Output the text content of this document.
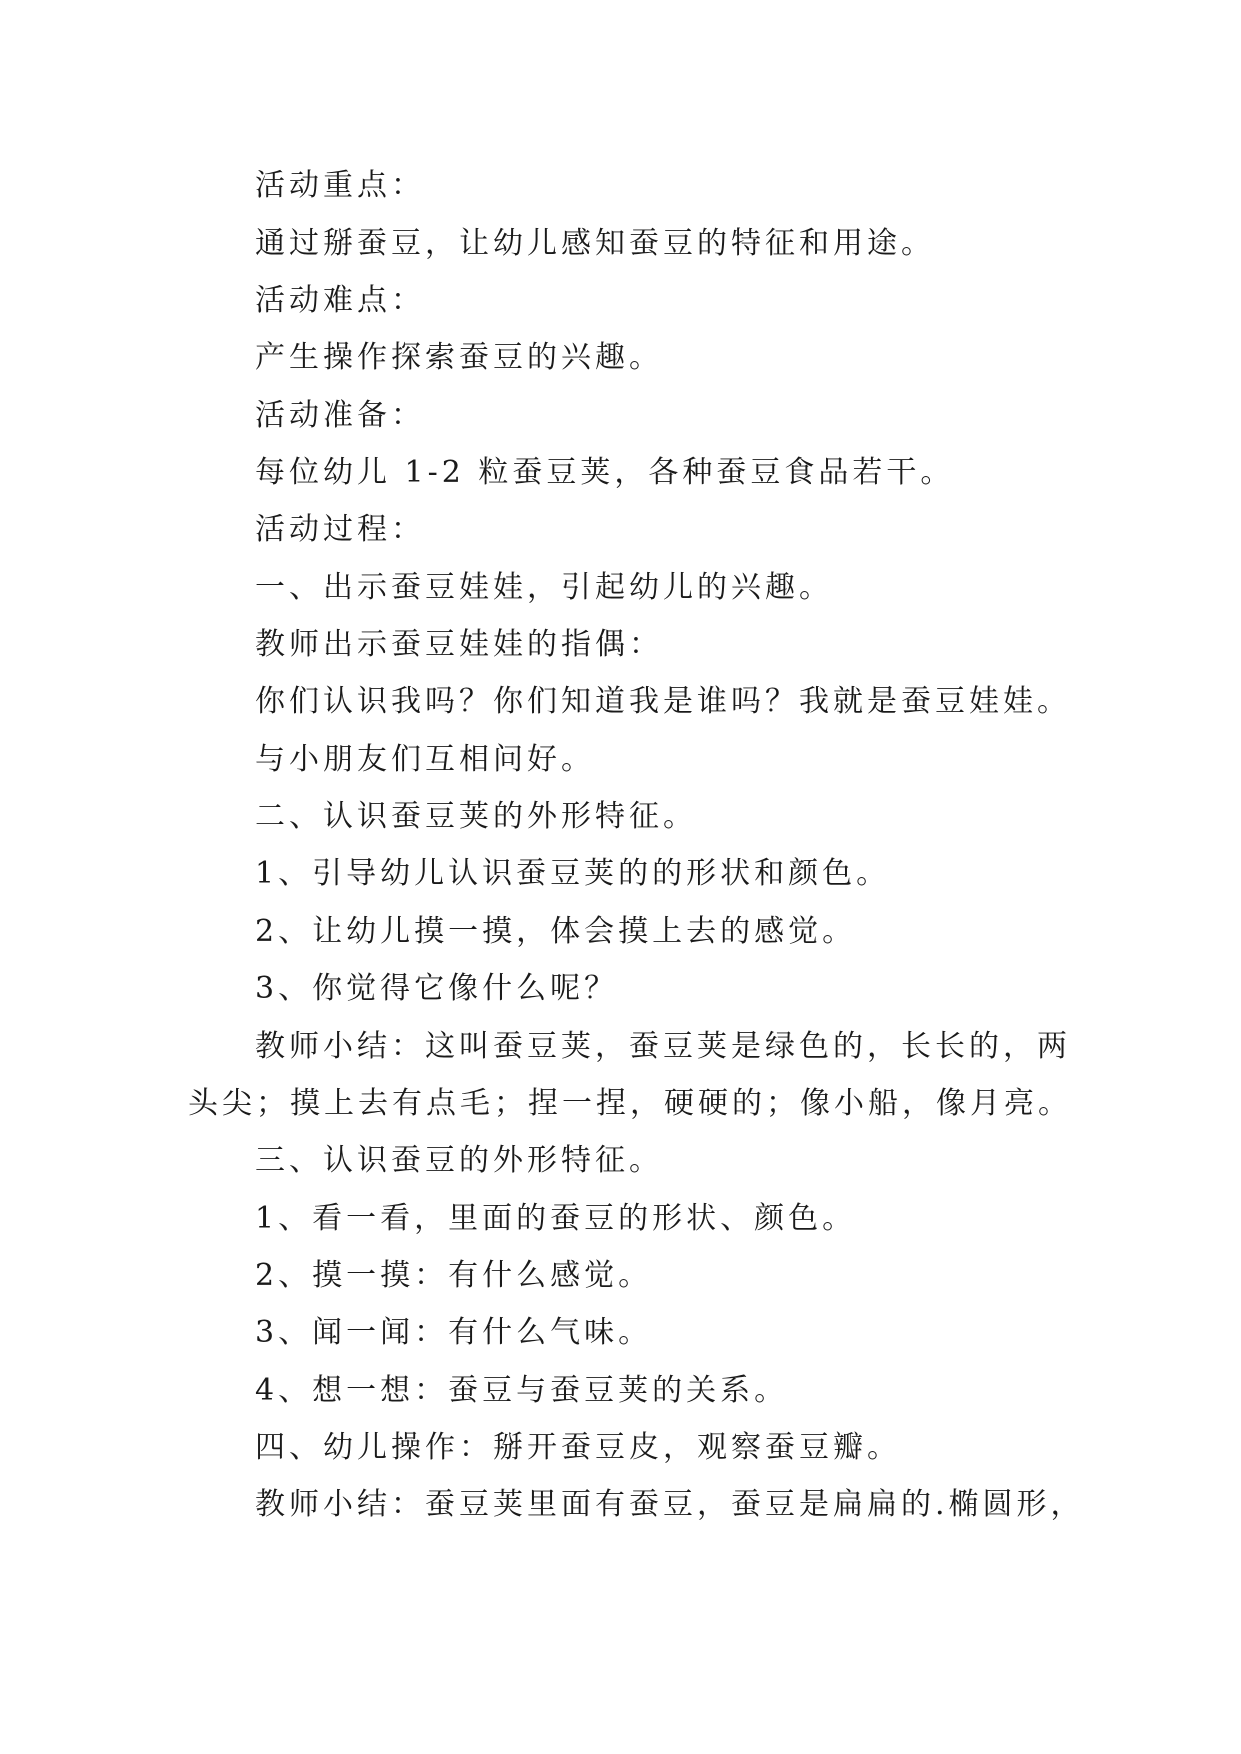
活动重点：
通过掰蚕豆，让幼儿感知蚕豆的特征和用途。
活动难点：
产生操作探索蚕豆的兴趣。
活动准备：
每位幼儿 1-2 粒蚕豆荚，各种蚕豆食品若干。
活动过程：
一、出示蚕豆娃娃，引起幼儿的兴趣。
教师出示蚕豆娃娃的指偶：
你们认识我吗？你们知道我是谁吗？我就是蚕豆娃娃。
与小朋友们互相问好。
二、认识蚕豆荚的外形特征。
1、引导幼儿认识蚕豆荚的的形状和颜色。
2、让幼儿摸一摸，体会摸上去的感觉。
3、你觉得它像什么呢？
教师小结：这叫蚕豆荚，蚕豆荚是绿色的，长长的，两
头尖；摸上去有点毛；捏一捏，硬硬的；像小船，像月亮。
三、认识蚕豆的外形特征。
1、看一看，里面的蚕豆的形状、颜色。
2、摸一摸：有什么感觉。
3、闻一闻：有什么气味。
4、想一想：蚕豆与蚕豆荚的关系。
四、幼儿操作：掰开蚕豆皮，观察蚕豆瓣。
教师小结：蚕豆荚里面有蚕豆，蚕豆是扁扁的.椭圆形，
